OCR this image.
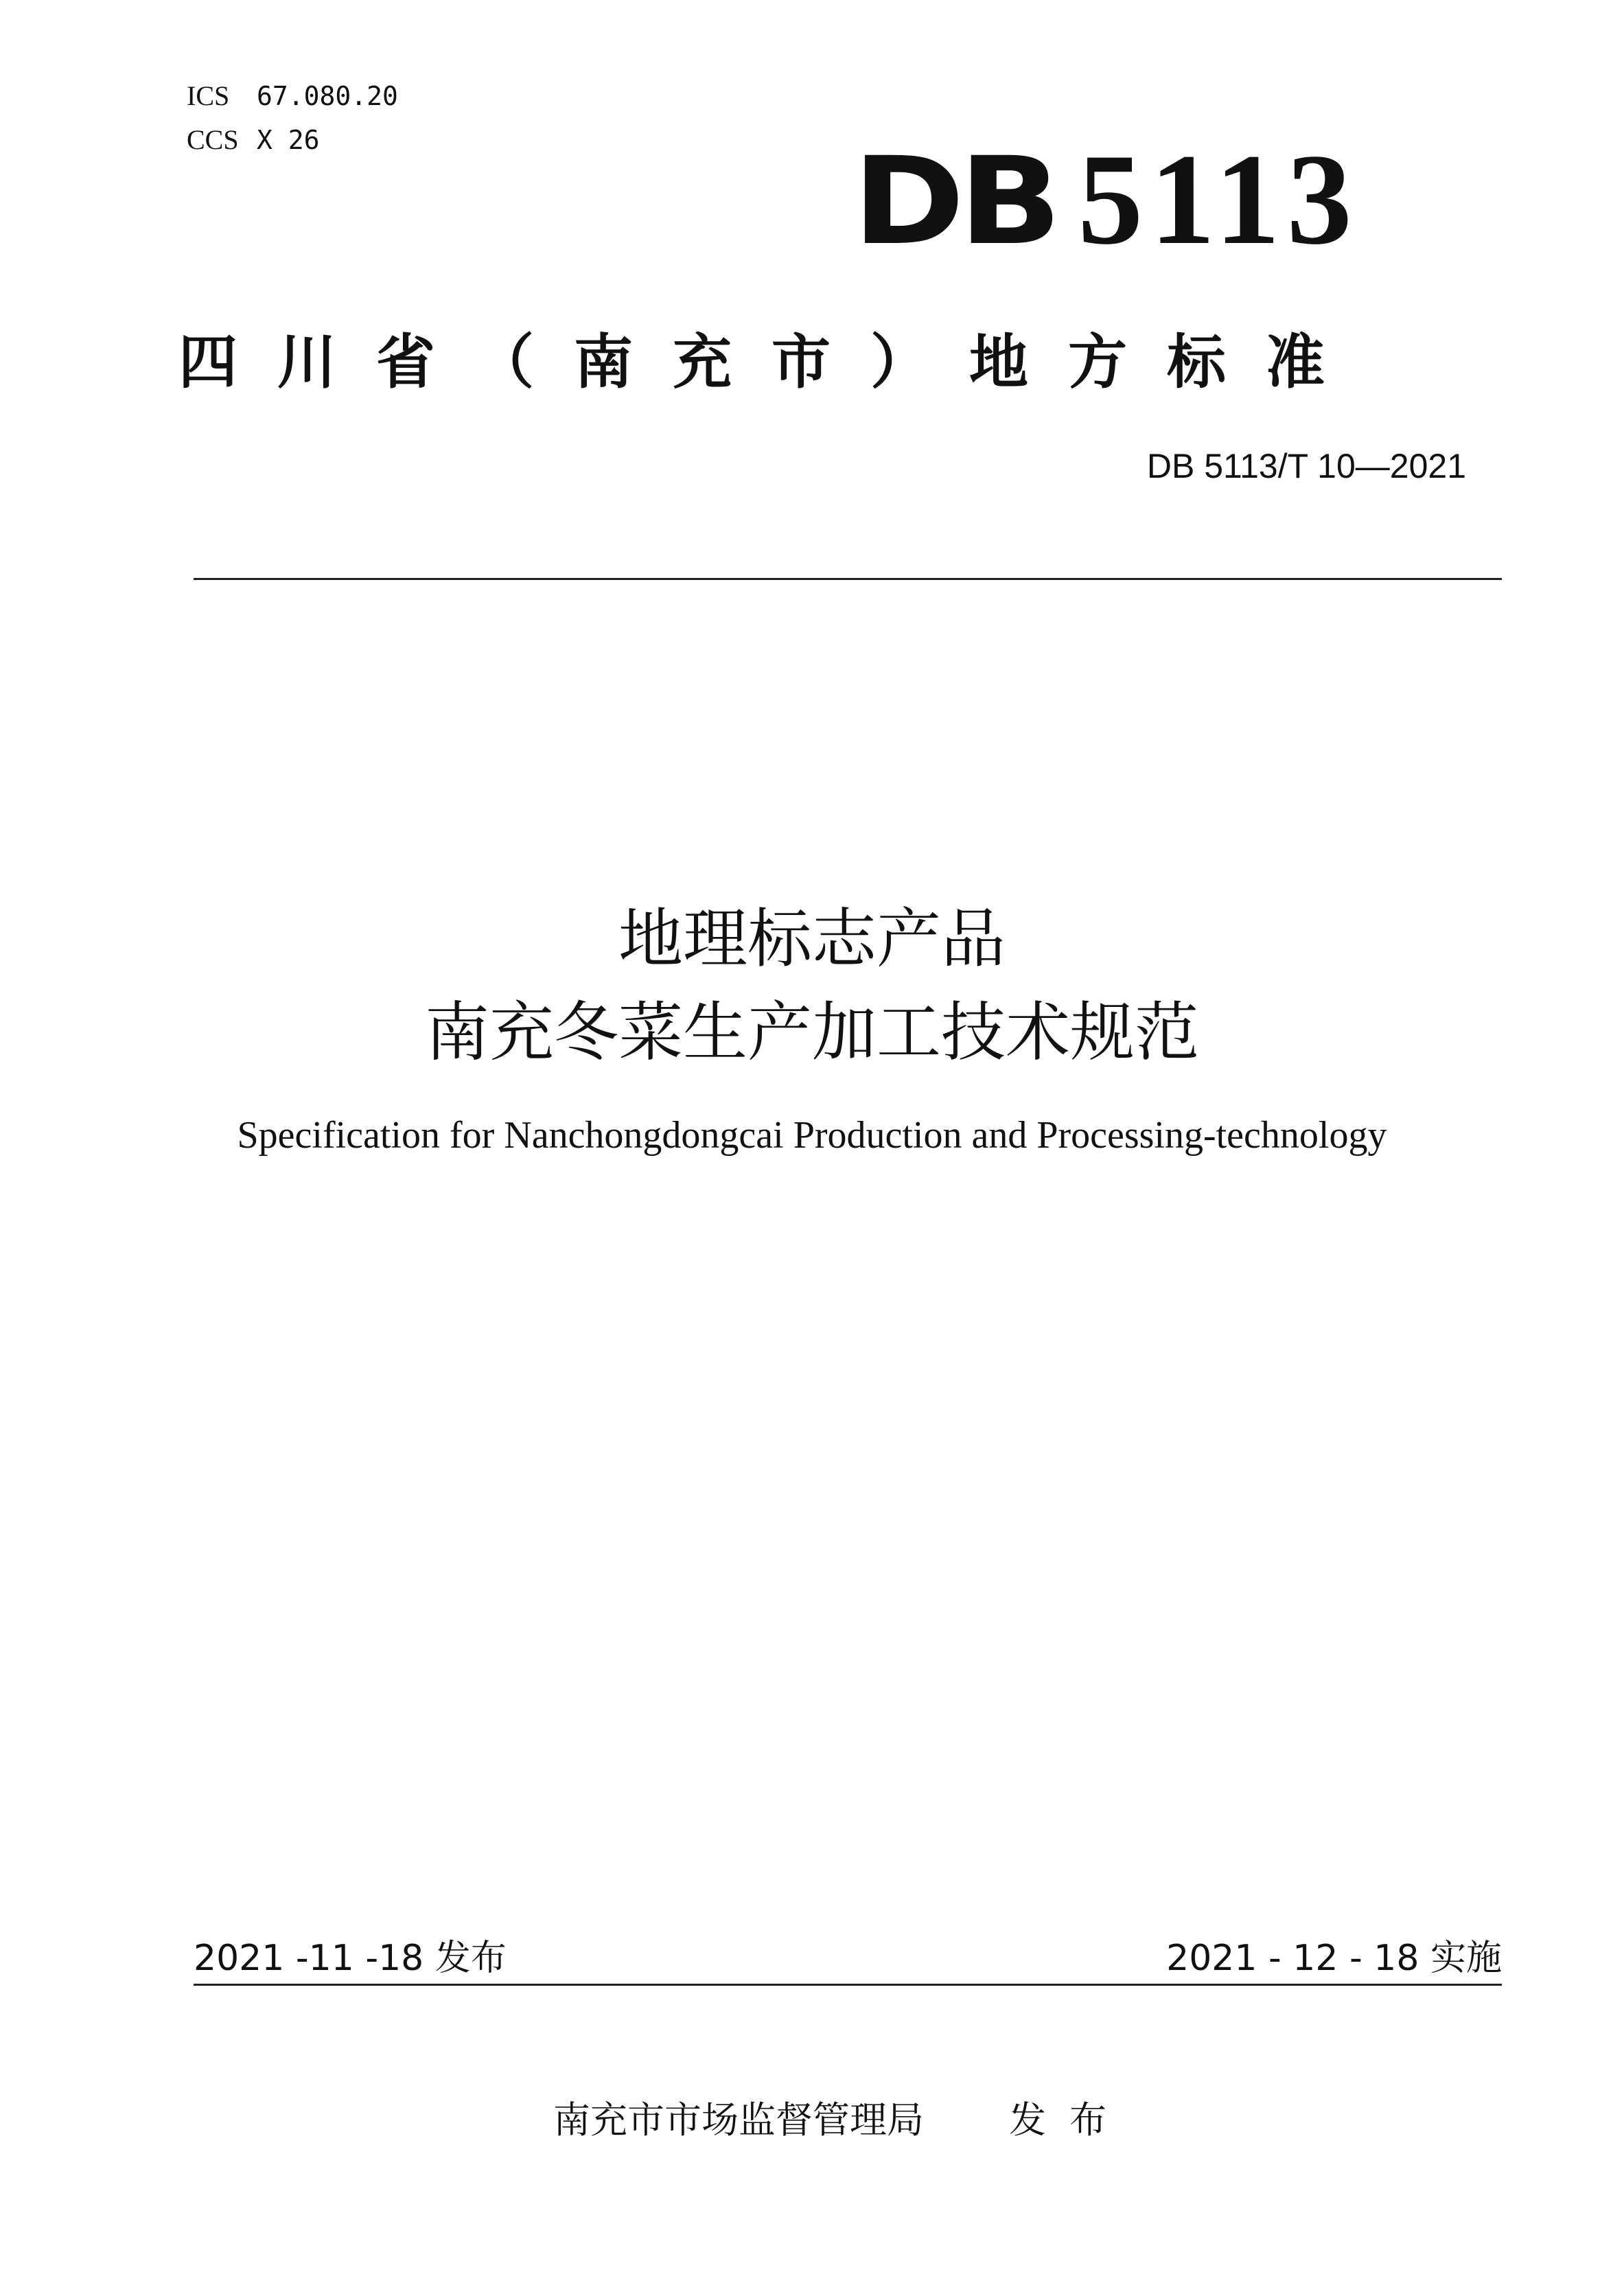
ICS 67.080.20
CCS X 26	DB 5113
四川省（南充市）地方标准
DB 5113/T 10—2021
地理标志产品
南充冬菜生产加工技术规范
Specification for Nanchongdongcai Production and Processing-technology
2021 -11 -18 发布	2021 - 12 - 18 实施
南充市市场监督管理局 发布
